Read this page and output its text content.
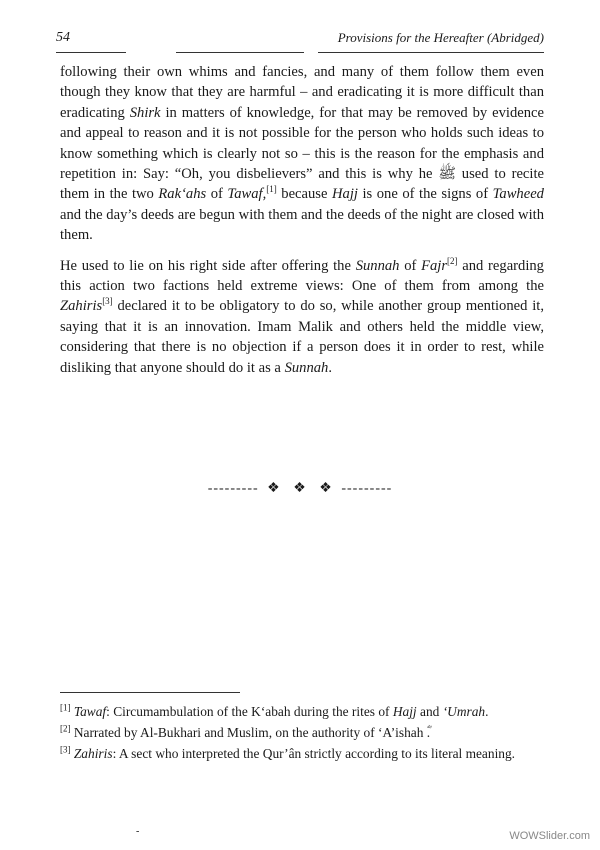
54	Provisions for the Hereafter (Abridged)

following their own whims and fancies, and many of them follow them even though they know that they are harmful – and eradicating it is more difficult than eradicating Shirk in matters of knowledge, for that may be removed by evidence and appeal to reason and it is not possible for the person who holds such ideas to know something which is clearly not so – this is the reason for the emphasis and repetition in: Say: “Oh, you disbelievers” and this is why he ﷺ used to recite them in the two Rak‘ahs of Tawaf,[1] because Hajj is one of the signs of Tawheed and the day’s deeds are begun with them and the deeds of the night are closed with them.

He used to lie on his right side after offering the Sunnah of Fajr[2] and regarding this action two factions held extreme views: One of them from among the Zahiris[3] declared it to be obligatory to do so, while another group mentioned it, saying that it is an innovation. Imam Malik and others held the middle view, considering that there is no objection if a person does it in order to rest, while disliking that anyone should do it as a Sunnah.

--------- ❖ ❖ ❖ ---------
[1] Tawaf: Circumambulation of the K‘abah during the rites of Hajj and ‘Umrah.
[2] Narrated by Al-Bukhari and Muslim, on the authority of ‘A’ishah ؓ.
[3] Zahiris: A sect who interpreted the Qur’ân strictly according to its literal meaning.
-	WOWSlider.com
